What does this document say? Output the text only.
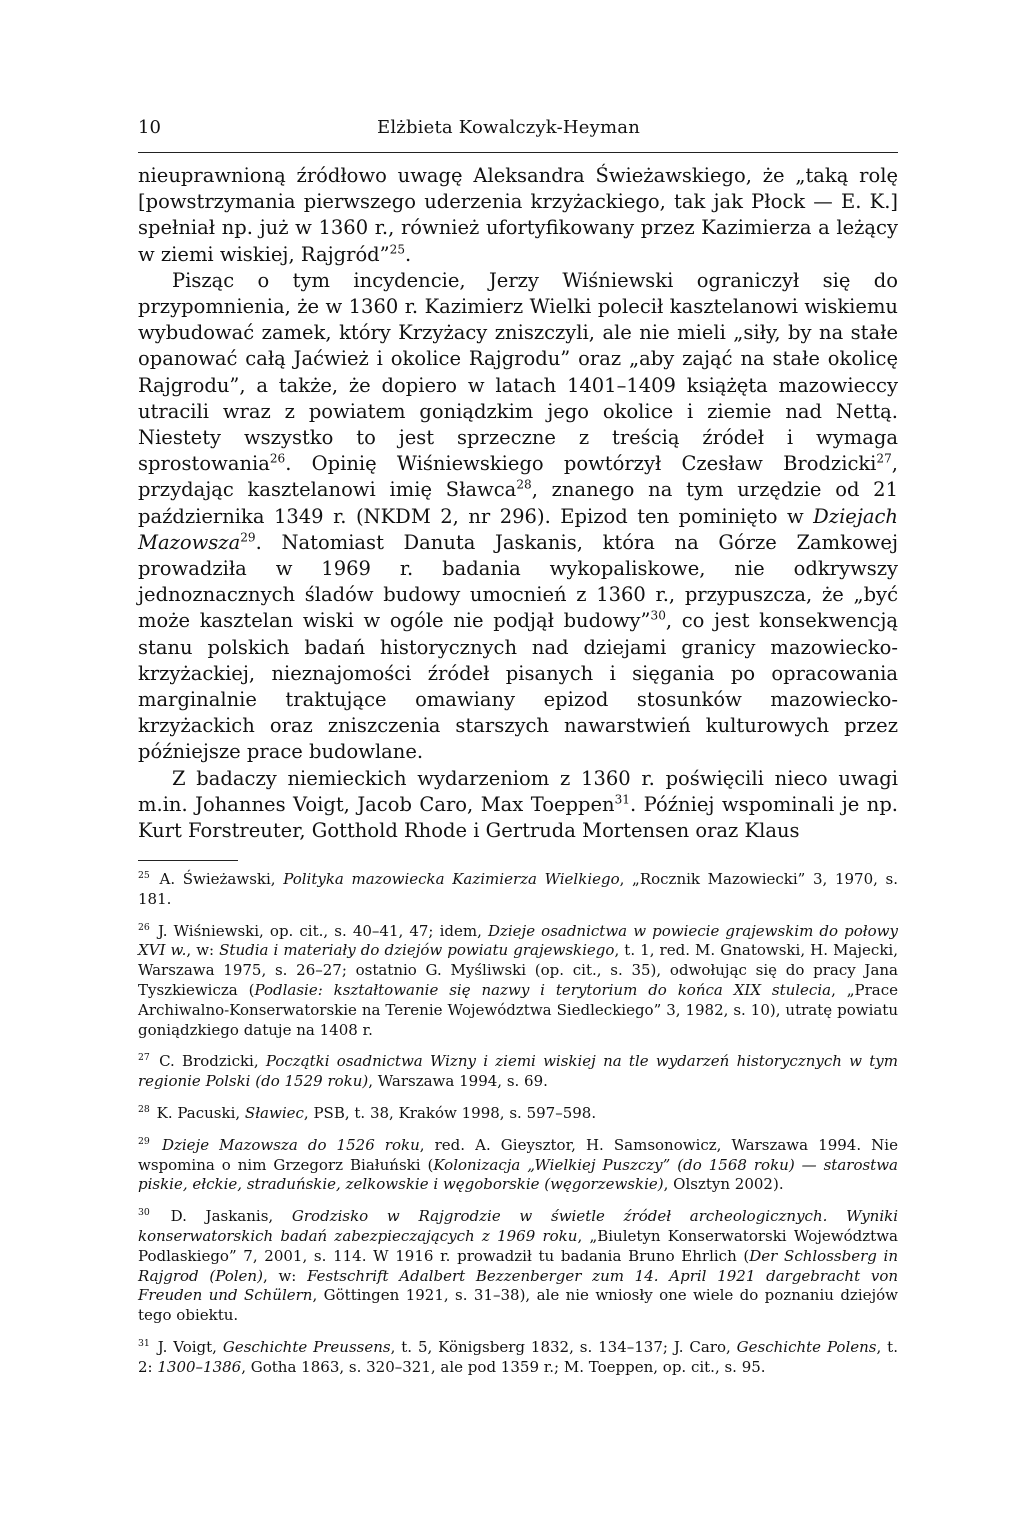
10	Elżbieta Kowalczyk-Heyman

nieuprawnioną źródłowo uwagę Aleksandra Świeżawskiego, że „taką rolę [powstrzymania pierwszego uderzenia krzyżackiego, tak jak Płock — E. K.] spełniał np. już w 1360 r., również ufortyfikowany przez Kazimierza a leżący w ziemi wiskiej, Rajgród”$^{25}$.

Pisząc o tym incydencie, Jerzy Wiśniewski ograniczył się do przypomnienia, że w 1360 r. Kazimierz Wielki polecił kasztelanowi wiskiemu wybudować zamek, który Krzyżacy zniszczyli, ale nie mieli „siły, by na stałe opanować całą Jaćwież i okolice Rajgrodu” oraz „aby zająć na stałe okolicę Rajgrodu”, a także, że dopiero w latach 1401–1409 książęta mazowieccy utracili wraz z powiatem goniądzkim jego okolice i ziemie nad Nettą. Niestety wszystko to jest sprzeczne z treścią źródeł i wymaga sprostowania$^{26}$. Opinię Wiśniewskiego powtórzył Czesław Brodzicki$^{27}$, przydając kasztelanowi imię Sławca$^{28}$, znanego na tym urzędzie od 21 października 1349 r. (NKDM 2, nr 296). Epizod ten pominięto w Dziejach Mazowsza$^{29}$. Natomiast Danuta Jaskanis, która na Górze Zamkowej prowadziła w 1969 r. badania wykopaliskowe, nie odkrywszy jednoznacznych śladów budowy umocnień z 1360 r., przypuszcza, że „być może kasztelan wiski w ogóle nie podjął budowy”$^{30}$, co jest konsekwencją stanu polskich badań historycznych nad dziejami granicy mazowiecko-krzyżackiej, nieznajomości źródeł pisanych i sięgania po opracowania marginalnie traktujące omawiany epizod stosunków mazowiecko-krzyżackich oraz zniszczenia starszych nawarstwień kulturowych przez późniejsze prace budowlane.

Z badaczy niemieckich wydarzeniom z 1360 r. poświęcili nieco uwagi m.in. Johannes Voigt, Jacob Caro, Max Toeppen$^{31}$. Później wspominali je np. Kurt Forstreuter, Gotthold Rhode i Gertruda Mortensen oraz Klaus

$^{25}$ A. Świeżawski, Polityka mazowiecka Kazimierza Wielkiego, „Rocznik Mazowiecki” 3, 1970, s. 181.

$^{26}$ J. Wiśniewski, op. cit., s. 40–41, 47; idem, Dzieje osadnictwa w powiecie grajewskim do połowy XVI w., w: Studia i materiały do dziejów powiatu grajewskiego, t. 1, red. M. Gnatowski, H. Majecki, Warszawa 1975, s. 26–27; ostatnio G. Myśliwski (op. cit., s. 35), odwołując się do pracy Jana Tyszkiewicza (Podlasie: kształtowanie się nazwy i terytorium do końca XIX stulecia, „Prace Archiwalno-Konserwatorskie na Terenie Województwa Siedleckiego” 3, 1982, s. 10), utratę powiatu goniądzkiego datuje na 1408 r.

$^{27}$ C. Brodzicki, Początki osadnictwa Wizny i ziemi wiskiej na tle wydarzeń historycznych w tym regionie Polski (do 1529 roku), Warszawa 1994, s. 69.

$^{28}$ K. Pacuski, Sławiec, PSB, t. 38, Kraków 1998, s. 597–598.

$^{29}$ Dzieje Mazowsza do 1526 roku, red. A. Gieysztor, H. Samsonowicz, Warszawa 1994. Nie wspomina o nim Grzegorz Białuński (Kolonizacja „Wielkiej Puszczy” (do 1568 roku) — starostwa piskie, ełckie, straduńskie, zelkowskie i węgoborskie (węgorzewskie), Olsztyn 2002).

$^{30}$ D. Jaskanis, Grodzisko w Rajgrodzie w świetle źródeł archeologicznych. Wyniki konserwatorskich badań zabezpieczających z 1969 roku, „Biuletyn Konserwatorski Województwa Podlaskiego” 7, 2001, s. 114. W 1916 r. prowadził tu badania Bruno Ehrlich (Der Schlossberg in Rajgrod (Polen), w: Festschrift Adalbert Bezzenberger zum 14. April 1921 dargebracht von Freuden und Schülern, Göttingen 1921, s. 31–38), ale nie wniosły one wiele do poznaniu dziejów tego obiektu.

$^{31}$ J. Voigt, Geschichte Preussens, t. 5, Königsberg 1832, s. 134–137; J. Caro, Geschichte Polens, t. 2: 1300–1386, Gotha 1863, s. 320–321, ale pod 1359 r.; M. Toeppen, op. cit., s. 95.
